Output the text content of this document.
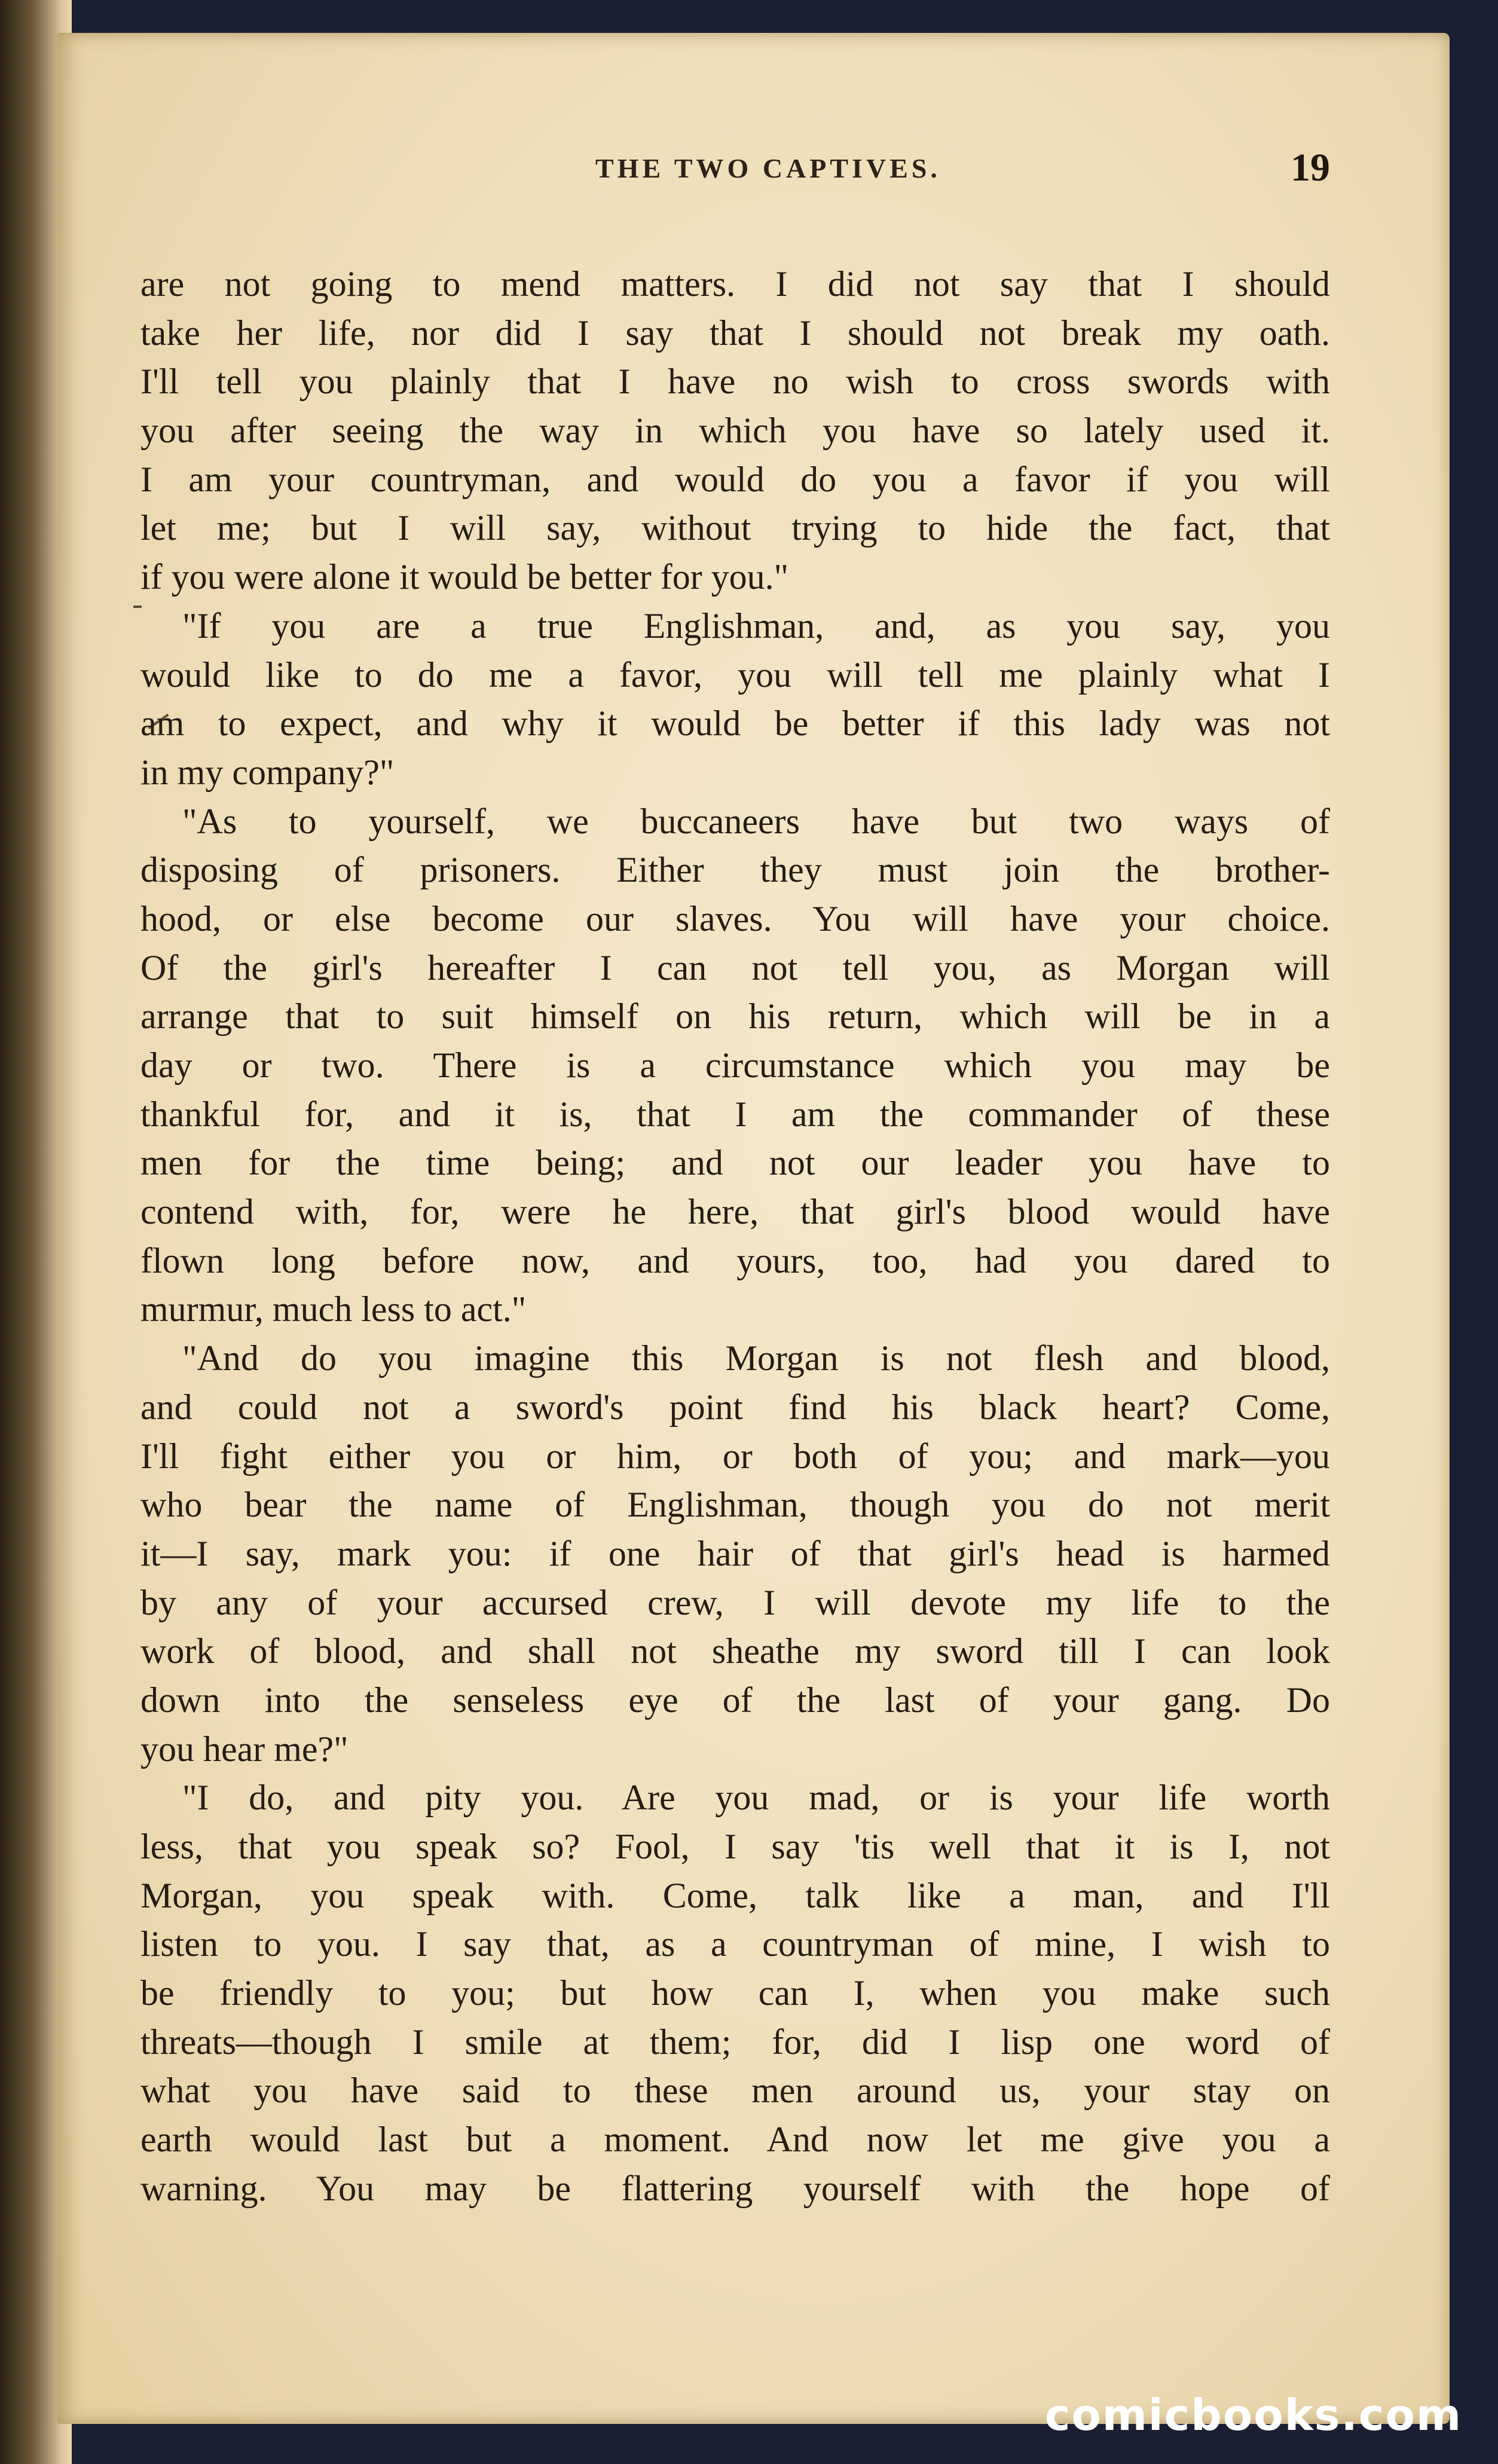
THE TWO CAPTIVES.	19
are not going to mend matters. I did not say that I should
take her life, nor did I say that I should not break my oath.
I'll tell you plainly that I have no wish to cross swords with
you after seeing the way in which you have so lately used it.
I am your countryman, and would do you a favor if you will
let me; but I will say, without trying to hide the fact, that
if you were alone it would be better for you."
"If you are a true Englishman, and, as you say, you
would like to do me a favor, you will tell me plainly what I
am to expect, and why it would be better if this lady was not
in my company?"
"As to yourself, we buccaneers have but two ways of
disposing of prisoners. Either they must join the brother-
hood, or else become our slaves. You will have your choice.
Of the girl's hereafter I can not tell you, as Morgan will
arrange that to suit himself on his return, which will be in a
day or two. There is a circumstance which you may be
thankful for, and it is, that I am the commander of these
men for the time being; and not our leader you have to
contend with, for, were he here, that girl's blood would have
flown long before now, and yours, too, had you dared to
murmur, much less to act."
"And do you imagine this Morgan is not flesh and blood,
and could not a sword's point find his black heart? Come,
I'll fight either you or him, or both of you; and mark—you
who bear the name of Englishman, though you do not merit
it—I say, mark you: if one hair of that girl's head is harmed
by any of your accursed crew, I will devote my life to the
work of blood, and shall not sheathe my sword till I can look
down into the senseless eye of the last of your gang. Do
you hear me?"
"I do, and pity you. Are you mad, or is your life worth
less, that you speak so? Fool, I say 'tis well that it is I, not
Morgan, you speak with. Come, talk like a man, and I'll
listen to you. I say that, as a countryman of mine, I wish to
be friendly to you; but how can I, when you make such
threats—though I smile at them; for, did I lisp one word of
what you have said to these men around us, your stay on
earth would last but a moment. And now let me give you a
warning. You may be flattering yourself with the hope of
comicbooks.com
